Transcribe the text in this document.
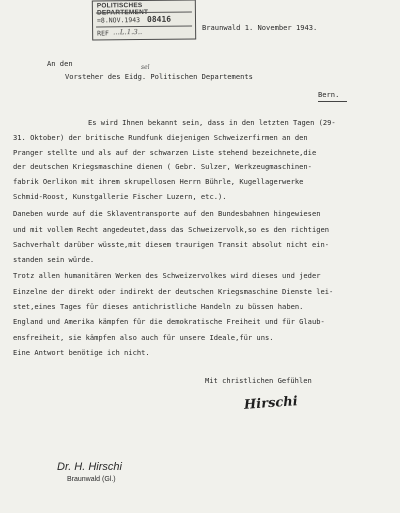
POLITISCHES DEPARTEMENT
=8.NOV.1943 08416
REF ...L.1.3..
Braunwald 1. November 1943.
An den	sel
Vorsteher des Eidg. Politischen Departements
Bern.
Es wird Ihnen bekannt sein, dass in den letzten Tagen (29-
31. Oktober) der britische Rundfunk diejenigen Schweizerfirmen an den
Pranger stellte und als auf der schwarzen Liste stehend bezeichnete,die
der deutschen Kriegsmaschine dienen ( Gebr. Sulzer, Werkzeugmaschinen-
fabrik Oerlikon mit ihrem skrupellosen Herrn Bührle, Kugellagerwerke
Schmid-Roost, Kunstgallerie Fischer Luzern, etc.).
Daneben wurde auf die Sklaventransporte auf den Bundesbahnen hingewiesen
und mit vollem Recht angedeutet,dass das Schweizervolk,so es den richtigen
Sachverhalt darüber wüsste,mit diesem traurigen Transit absolut nicht ein-
standen sein würde.
Trotz allen humanitären Werken des Schweizervolkes wird dieses und jeder
Einzelne der direkt oder indirekt der deutschen Kriegsmaschine Dienste lei-
stet,eines Tages für dieses antichristliche Handeln zu büssen haben.
England und Amerika kämpfen für die demokratische Freiheit und für Glaub-
ensfreiheit, sie kämpfen also auch für unsere Ideale,für uns.
Eine Antwort benötige ich nicht.
Mit christlichen Gefühlen
Hirschi
Dr. H. Hirschi
Braunwald (Gl.)
